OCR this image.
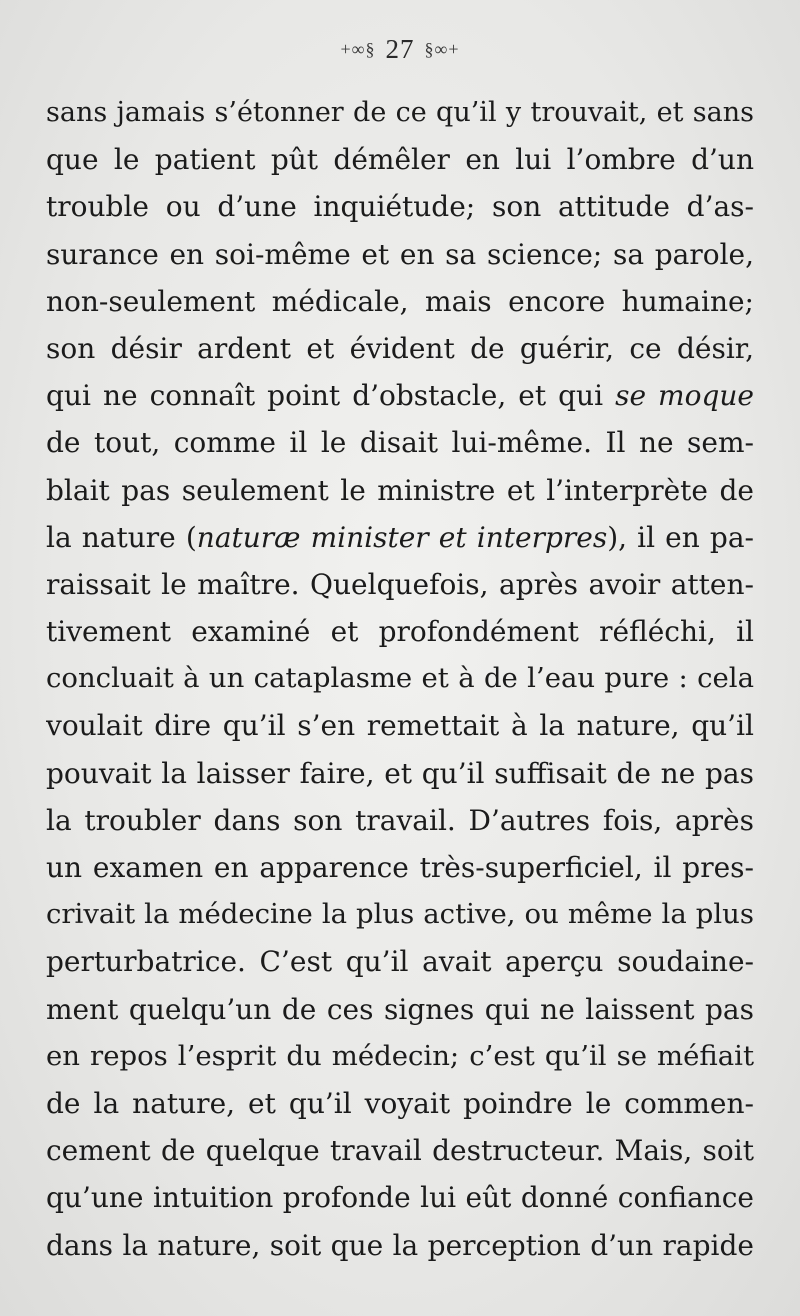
+∞§ 27 §∞+
sans jamais s’étonner de ce qu’il y trouvait, et sans
que le patient pût démêler en lui l’ombre d’un
trouble ou d’une inquiétude; son attitude d’as-
surance en soi-même et en sa science; sa parole,
non-seulement médicale, mais encore humaine;
son désir ardent et évident de guérir, ce désir,
qui ne connaît point d’obstacle, et qui se moque
de tout, comme il le disait lui-même. Il ne sem-
blait pas seulement le ministre et l’interprète de
la nature (naturæ minister et interpres), il en pa-
raissait le maître. Quelquefois, après avoir atten-
tivement examiné et profondément réfléchi, il
concluait à un cataplasme et à de l’eau pure : cela
voulait dire qu’il s’en remettait à la nature, qu’il
pouvait la laisser faire, et qu’il suffisait de ne pas
la troubler dans son travail. D’autres fois, après
un examen en apparence très-superficiel, il pres-
crivait la médecine la plus active, ou même la plus
perturbatrice. C’est qu’il avait aperçu soudaine-
ment quelqu’un de ces signes qui ne laissent pas
en repos l’esprit du médecin; c’est qu’il se méfiait
de la nature, et qu’il voyait poindre le commen-
cement de quelque travail destructeur. Mais, soit
qu’une intuition profonde lui eût donné confiance
dans la nature, soit que la perception d’un rapide
